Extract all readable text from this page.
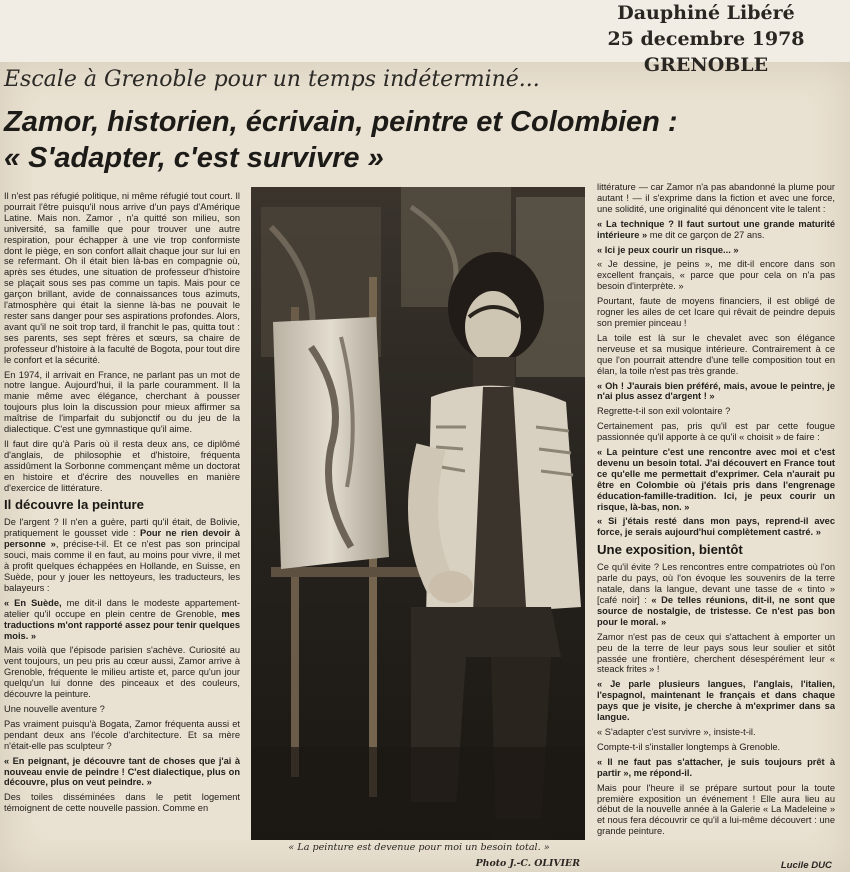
Dauphiné Libéré
25 decembre 1978
GRENOBLE
Escale à Grenoble pour un temps indéterminé...
Zamor, historien, écrivain, peintre et Colombien :
« S'adapter, c'est survivre »

Il n'est pas réfugié politique, ni même réfugié tout court. Il pourrait l'être puisqu'il nous arrive d'un pays d'Amérique Latine. Mais non. Zamor , n'a quitté son milieu, son université, sa famille que pour trouver une autre respiration, pour échapper à une vie trop conformiste dont le piège, en son confort allait chaque jour sur lui en se refermant. Oh il était bien là-bas en compagnie où, après ses études, une situation de professeur d'histoire se plaçait sous ses pas comme un tapis. Mais pour ce garçon brillant, avide de connaissances tous azimuts, l'atmosphère qui était la sienne là-bas ne pouvait le rester sans danger pour ses aspirations profondes. Alors, avant qu'il ne soit trop tard, il franchit le pas, quitta tout : ses parents, ses sept frères et sœurs, sa chaire de professeur d'histoire à la faculté de Bogota, pour tout dire le confort et la sécurité.

En 1974, il arrivait en France, ne parlant pas un mot de notre langue. Aujourd'hui, il la parle couramment. Il la manie même avec élégance, cherchant à pousser toujours plus loin la discussion pour mieux affirmer sa maîtrise de l'imparfait du subjonctif ou du jeu de la dialectique. C'est une gymnastique qu'il aime.

Il faut dire qu'à Paris où il resta deux ans, ce diplômé d'anglais, de philosophie et d'histoire, fréquenta assidûment la Sorbonne commençant même un doctorat en histoire et d'écrire des nouvelles en manière d'exercice de littérature.

Il découvre la peinture

De l'argent ? Il n'en a guère, parti qu'il était, de Bolivie, pratiquement le gousset vide : Pour ne rien devoir à personne », précise-t-il. Et ce n'est pas son principal souci, mais comme il en faut, au moins pour vivre, il met à profit quelques échappées en Hollande, en Suisse, en Suède, pour y jouer les nettoyeurs, les traducteurs, les balayeurs :

« En Suède, me dit-il dans le modeste appartement-atelier qu'il occupe en plein centre de Grenoble, mes traductions m'ont rapporté assez pour tenir quelques mois. »

Mais voilà que l'épisode parisien s'achève. Curiosité au vent toujours, un peu pris au cœur aussi, Zamor arrive à Grenoble, fréquente le milieu artiste et, parce qu'un jour quelqu'un lui donne des pinceaux et des couleurs, découvre la peinture.

Une nouvelle aventure ?

Pas vraiment puisqu'à Bogata, Zamor fréquenta aussi et pendant deux ans l'école d'architecture. Et sa mère n'était-elle pas sculpteur ?

« En peignant, je découvre tant de choses que j'ai à nouveau envie de peindre ! C'est dialectique, plus on découvre, plus on veut peindre. »

Des toiles disséminées dans le petit logement témoignent de cette nouvelle passion. Comme en

« La peinture est devenue pour moi un besoin total. »
Photo J.-C. OLIVIER

littérature — car Zamor n'a pas abandonné la plume pour autant ! — il s'exprime dans la fiction et avec une force, une solidité, une originalité qui dénoncent vite le talent :

« La technique ? Il faut surtout une grande maturité intérieure » me dit ce garçon de 27 ans.

« Ici je peux courir un risque... »

« Je dessine, je peins », me dit-il encore dans son excellent français, « parce que pour cela on n'a pas besoin d'interprète. »

Pourtant, faute de moyens financiers, il est obligé de rogner les ailes de cet Icare qui rêvait de peindre depuis son premier pinceau !

La toile est là sur le chevalet avec son élégance nerveuse et sa musique intérieure. Contrairement à ce que l'on pourrait attendre d'une telle composition tout en élan, la toile n'est pas très grande.

« Oh ! J'aurais bien préféré, mais, avoue le peintre, je n'ai plus assez d'argent ! »

Regrette-t-il son exil volontaire ?

Certainement pas, pris qu'il est par cette fougue passionnée qu'il apporte à ce qu'il « choisit » de faire :

« La peinture c'est une rencontre avec moi et c'est devenu un besoin total. J'ai découvert en France tout ce qu'elle me permettait d'exprimer. Cela n'aurait pu être en Colombie où j'étais pris dans l'engrenage éducation-famille-tradition. Ici, je peux courir un risque, là-bas, non. »

« Si j'étais resté dans mon pays, reprend-il avec force, je serais aujourd'hui complètement castré. »

Une exposition, bientôt

Ce qu'il évite ? Les rencontres entre compatriotes où l'on parle du pays, où l'on évoque les souvenirs de la terre natale, dans la langue, devant une tasse de « tinto » [café noir] : « De telles réunions, dit-il, ne sont que source de nostalgie, de tristesse. Ce n'est pas bon pour le moral. »

Zamor n'est pas de ceux qui s'attachent à emporter un peu de la terre de leur pays sous leur soulier et sitôt passée une frontière, cherchent désespérément leur « steack frites » !

« Je parle plusieurs langues, l'anglais, l'italien, l'espagnol, maintenant le français et dans chaque pays que je visite, je cherche à m'exprimer dans sa langue.

« S'adapter c'est survivre », insiste-t-il.

Compte-t-il s'installer longtemps à Grenoble.

« Il ne faut pas s'attacher, je suis toujours prêt à partir », me répond-il.

Mais pour l'heure il se prépare surtout pour la toute première exposition un événement ! Elle aura lieu au début de la nouvelle année à la Galerie « La Madeleine » et nous fera découvrir ce qu'il a lui-même découvert : une grande peinture.

Lucile DUC
